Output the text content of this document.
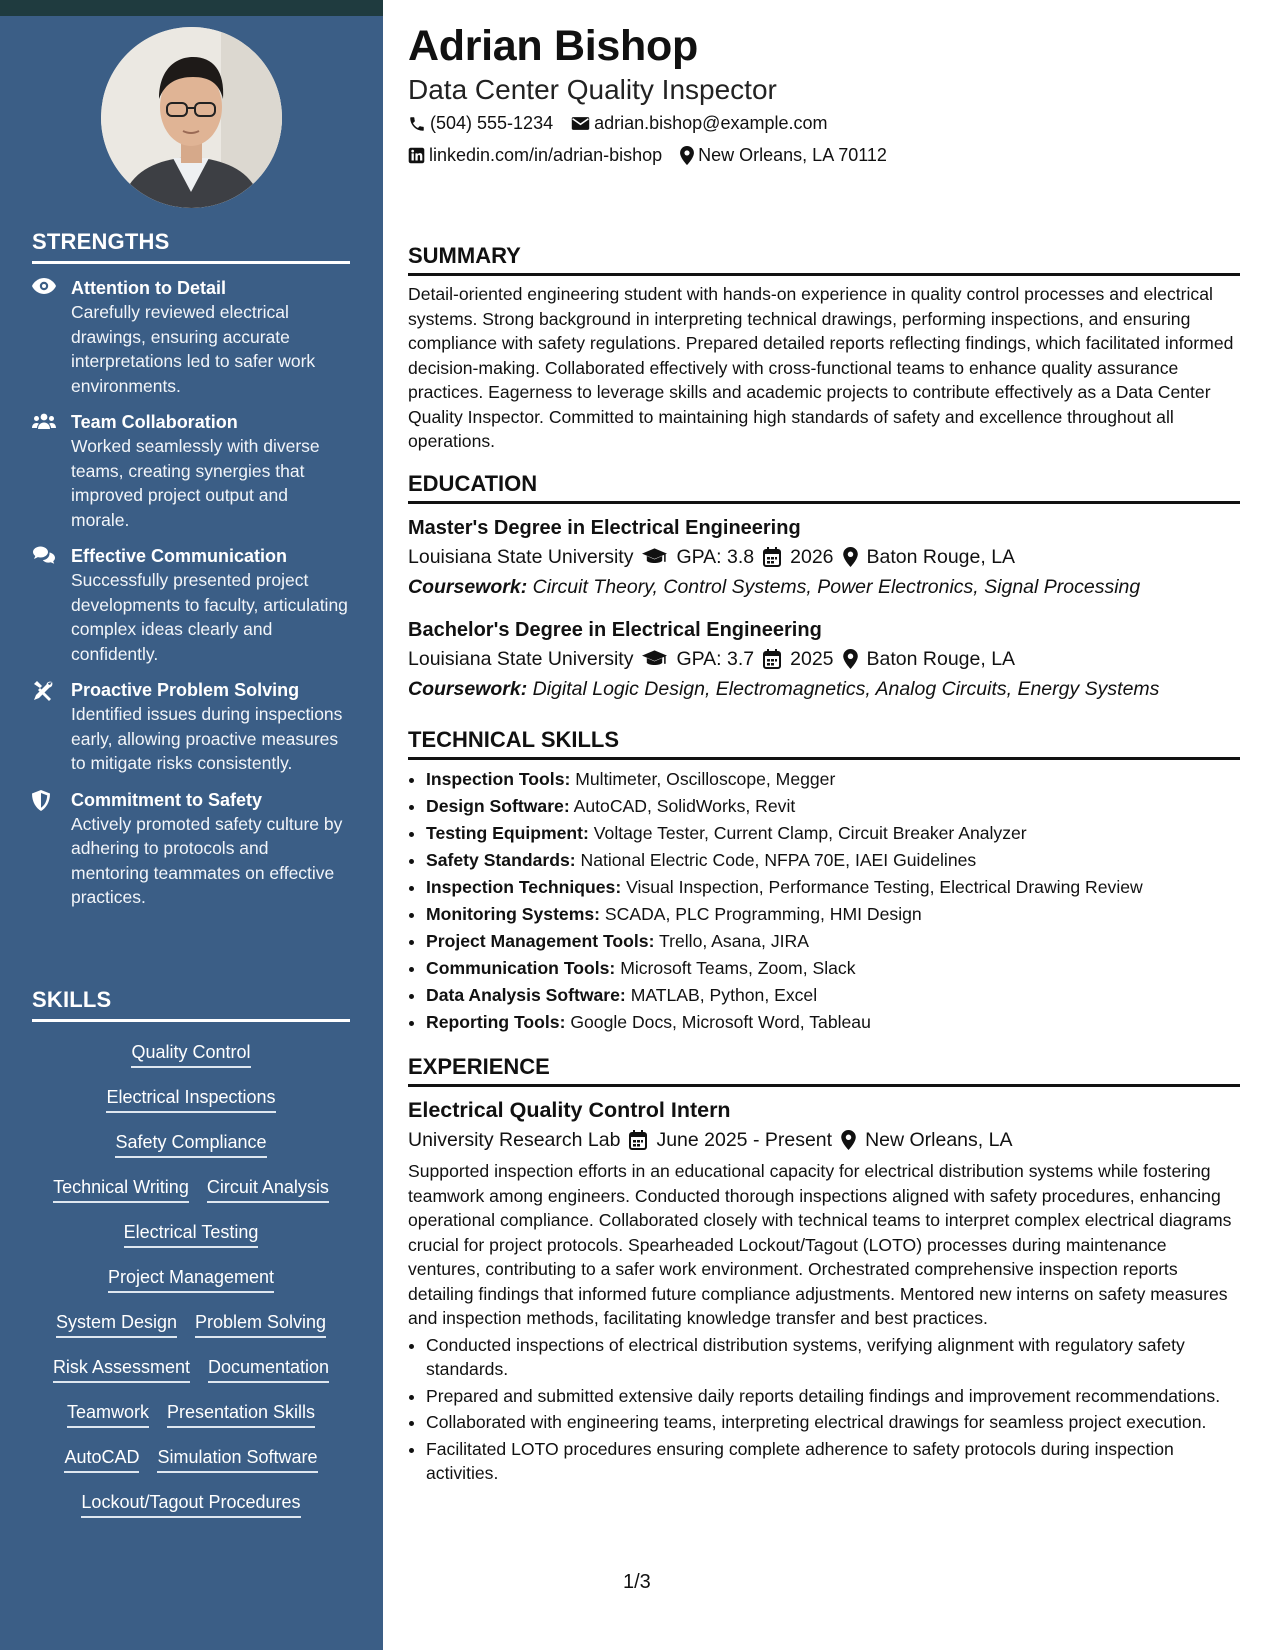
STRENGTHS
Attention to Detail
Carefully reviewed electrical drawings, ensuring accurate interpretations led to safer work environments.
Team Collaboration
Worked seamlessly with diverse teams, creating synergies that improved project output and morale.
Effective Communication
Successfully presented project developments to faculty, articulating complex ideas clearly and confidently.
Proactive Problem Solving
Identified issues during inspections early, allowing proactive measures to mitigate risks consistently.
Commitment to Safety
Actively promoted safety culture by adhering to protocols and mentoring teammates on effective practices.
SKILLS
Quality Control
Electrical Inspections
Safety Compliance
Technical Writing Circuit Analysis
Electrical Testing
Project Management
System Design Problem Solving
Risk Assessment Documentation
Teamwork Presentation Skills
AutoCAD Simulation Software
Lockout/Tagout Procedures
Adrian Bishop
Data Center Quality Inspector
(504) 555-1234 adrian.bishop@example.com
linkedin.com/in/adrian-bishop New Orleans, LA 70112
SUMMARY

Detail-oriented engineering student with hands-on experience in quality control processes and electrical systems. Strong background in interpreting technical drawings, performing inspections, and ensuring compliance with safety regulations. Prepared detailed reports reflecting findings, which facilitated informed decision-making. Collaborated effectively with cross-functional teams to enhance quality assurance practices. Eagerness to leverage skills and academic projects to contribute effectively as a Data Center Quality Inspector. Committed to maintaining high standards of safety and excellence throughout all operations.

EDUCATION
Master's Degree in Electrical Engineering
Louisiana State University GPA: 3.8 2026 Baton Rouge, LA
Coursework: Circuit Theory, Control Systems, Power Electronics, Signal Processing
Bachelor's Degree in Electrical Engineering
Louisiana State University GPA: 3.7 2025 Baton Rouge, LA
Coursework: Digital Logic Design, Electromagnetics, Analog Circuits, Energy Systems
TECHNICAL SKILLS
• Inspection Tools: Multimeter, Oscilloscope, Megger
• Design Software: AutoCAD, SolidWorks, Revit
• Testing Equipment: Voltage Tester, Current Clamp, Circuit Breaker Analyzer
• Safety Standards: National Electric Code, NFPA 70E, IAEI Guidelines
• Inspection Techniques: Visual Inspection, Performance Testing, Electrical Drawing Review
• Monitoring Systems: SCADA, PLC Programming, HMI Design
• Project Management Tools: Trello, Asana, JIRA
• Communication Tools: Microsoft Teams, Zoom, Slack
• Data Analysis Software: MATLAB, Python, Excel
• Reporting Tools: Google Docs, Microsoft Word, Tableau
EXPERIENCE
Electrical Quality Control Intern
University Research Lab June 2025 - Present New Orleans, LA

Supported inspection efforts in an educational capacity for electrical distribution systems while fostering teamwork among engineers. Conducted thorough inspections aligned with safety procedures, enhancing operational compliance. Collaborated closely with technical teams to interpret complex electrical diagrams crucial for project protocols. Spearheaded Lockout/Tagout (LOTO) processes during maintenance ventures, contributing to a safer work environment. Orchestrated comprehensive inspection reports detailing findings that informed future compliance adjustments. Mentored new interns on safety measures and inspection methods, facilitating knowledge transfer and best practices.

• Conducted inspections of electrical distribution systems, verifying alignment with regulatory safety standards.
• Prepared and submitted extensive daily reports detailing findings and improvement recommendations.
• Collaborated with engineering teams, interpreting electrical drawings for seamless project execution.
• Facilitated LOTO procedures ensuring complete adherence to safety protocols during inspection activities.
1/3
